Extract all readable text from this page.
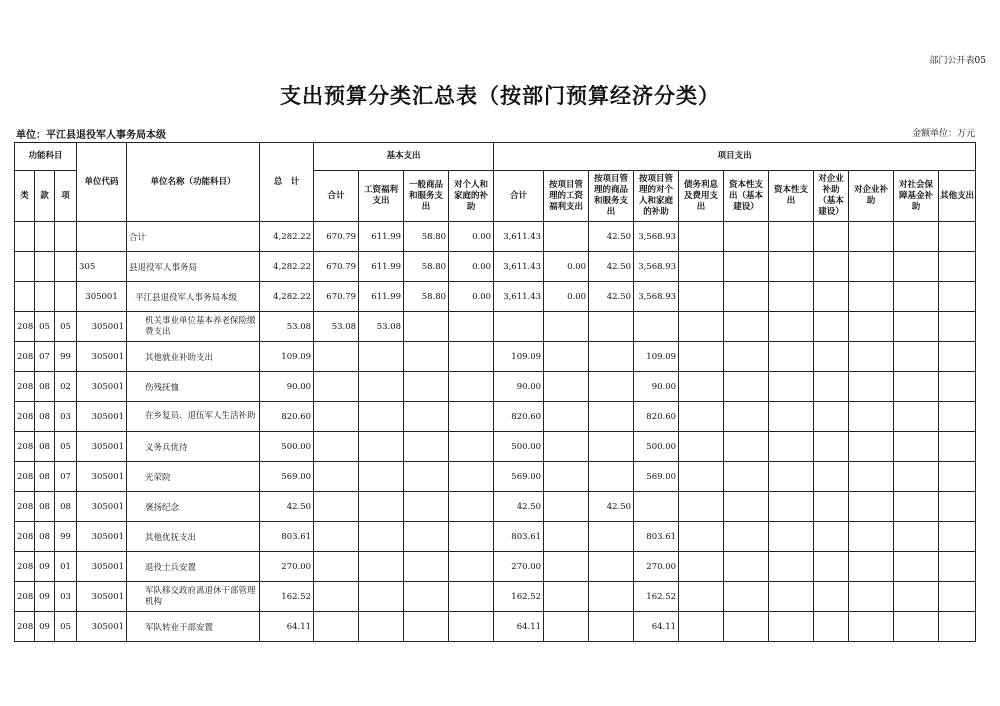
部门公开表05
支出预算分类汇总表（按部门预算经济分类）
单位：平江县退役军人事务局本级	金额单位：万元
功能科目			单位代码	单位名称（功能科目）	总　计	基本支出				项目支出										
类	款	项				合计	工资福利支出	一般商品和服务支出	对个人和家庭的补助	合计	按项目管理的工资福利支出	按项目管理的商品和服务支出	按项目管理的对个人和家庭的补助	债务利息及费用支出	资本性支出（基本建设）	资本性支出	对企业补助（基本建设）	对企业补助	对社会保障基金补助	其他支出
				合计	4,282.22	670.79	611.99	58.80	0.00	3,611.43		42.50	3,568.93							
			305	县退役军人事务局	4,282.22	670.79	611.99	58.80	0.00	3,611.43	0.00	42.50	3,568.93							
			305001	平江县退役军人事务局本级	4,282.22	670.79	611.99	58.80	0.00	3,611.43	0.00	42.50	3,568.93							
208	05	05	305001	机关事业单位基本养老保险缴费支出	53.08	53.08	53.08													
208	07	99	305001	其他就业补助支出	109.09					109.09			109.09							
208	08	02	305001	伤残抚恤	90.00					90.00			90.00							
208	08	03	305001	在乡复员、退伍军人生活补助	820.60					820.60			820.60							
208	08	05	305001	义务兵优待	500.00					500.00			500.00							
208	08	07	305001	光荣院	569.00					569.00			569.00							
208	08	08	305001	褒扬纪念	42.50					42.50		42.50								
208	08	99	305001	其他优抚支出	803.61					803.61			803.61							
208	09	01	305001	退役士兵安置	270.00					270.00			270.00							
208	09	03	305001	军队移交政府离退休干部管理机构	162.52					162.52			162.52							
208	09	05	305001	军队转业干部安置	64.11					64.11			64.11							
